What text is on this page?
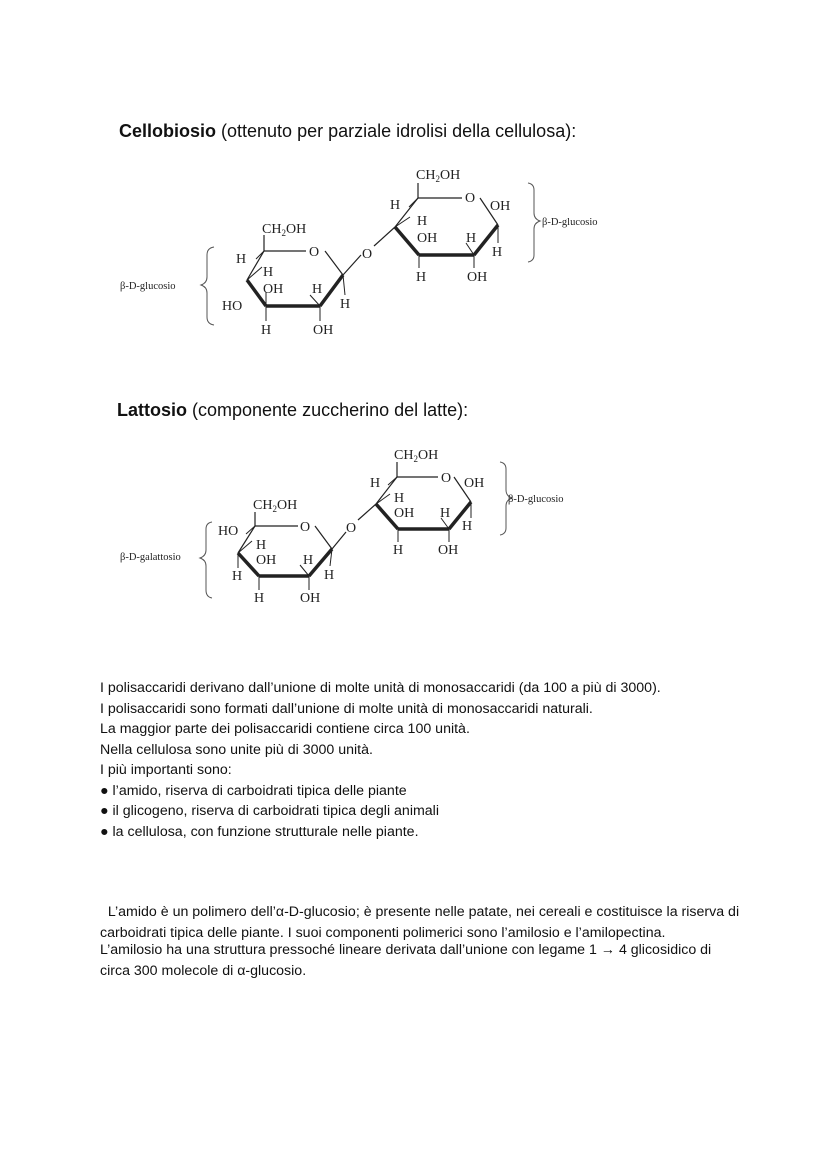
Cellobiosio (ottenuto per parziale idrolisi della cellulosa):
β-D-glucosio
$CH_2OH$
O
H
H
OH H
H
HO
H	OH
O
$CH_2OH$
O
OH
H
H
OH H
H
H	OH
β-D-glucosio
Lattosio (componente zuccherino del latte):
β-D-galattosio
$CH_2OH$
O
HO
H
OH H
H
H
H	OH
O
$CH_2OH$
O OH
H
H
OH H
H
H OH
β-D-glucosio

I polisaccaridi derivano dall’unione di molte unità di monosaccaridi (da 100 a più di 3000).

I polisaccaridi sono formati dall’unione di molte unità di monosaccaridi naturali.

La maggior parte dei polisaccaridi contiene circa 100 unità.

Nella cellulosa sono unite più di 3000 unità.

I più importanti sono:

● l’amido, riserva di carboidrati tipica delle piante

● il glicogeno, riserva di carboidrati tipica degli animali

● la cellulosa, con funzione strutturale nelle piante.

L’amido è un polimero dell’α-D-glucosio; è presente nelle patate, nei cereali e costituisce la riserva di carboidrati tipica delle piante. I suoi componenti polimerici sono l’amilosio e l’amilopectina.

L’amilosio ha una struttura pressoché lineare derivata dall’unione con legame 1 → 4 glicosidico di circa 300 molecole di α-glucosio.
